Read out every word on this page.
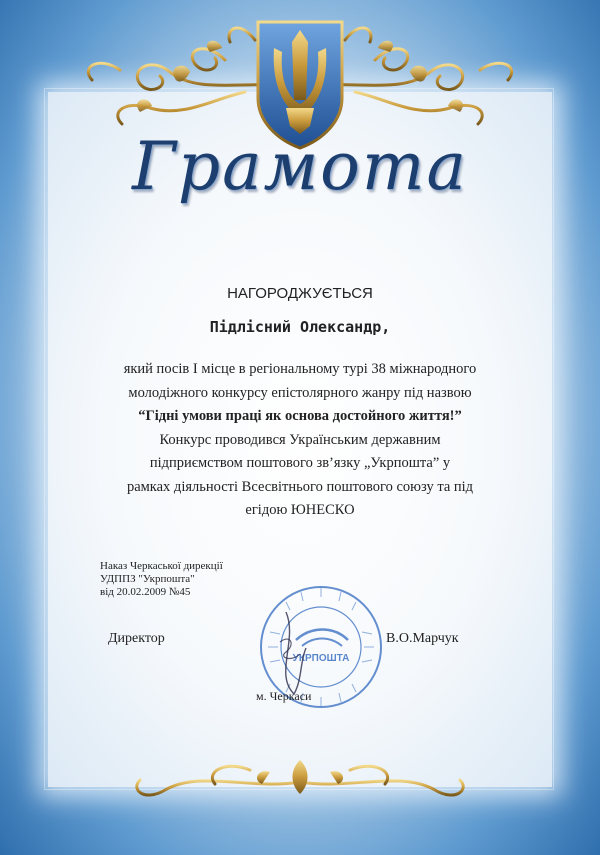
Грамота
НАГОРОДЖУЄТЬСЯ
Підлісний Олександр,
який посів І місце в регіональному турі 38 міжнародного
молодіжного конкурсу епістолярного жанру під назвою
“Гідні умови праці як основа достойного життя!”
Конкурс проводився Українським державним
підприємством поштового зв’язку „Укрпошта” у
рамках діяльності Всесвітнього поштового союзу та під
егідою ЮНЕСКО
Наказ Черкаської дирекції
УДППЗ "Укрпошта"
від 20.02.2009 №45
Директор	В.О.Марчук
УКРПОШТА
м. Черкаси
